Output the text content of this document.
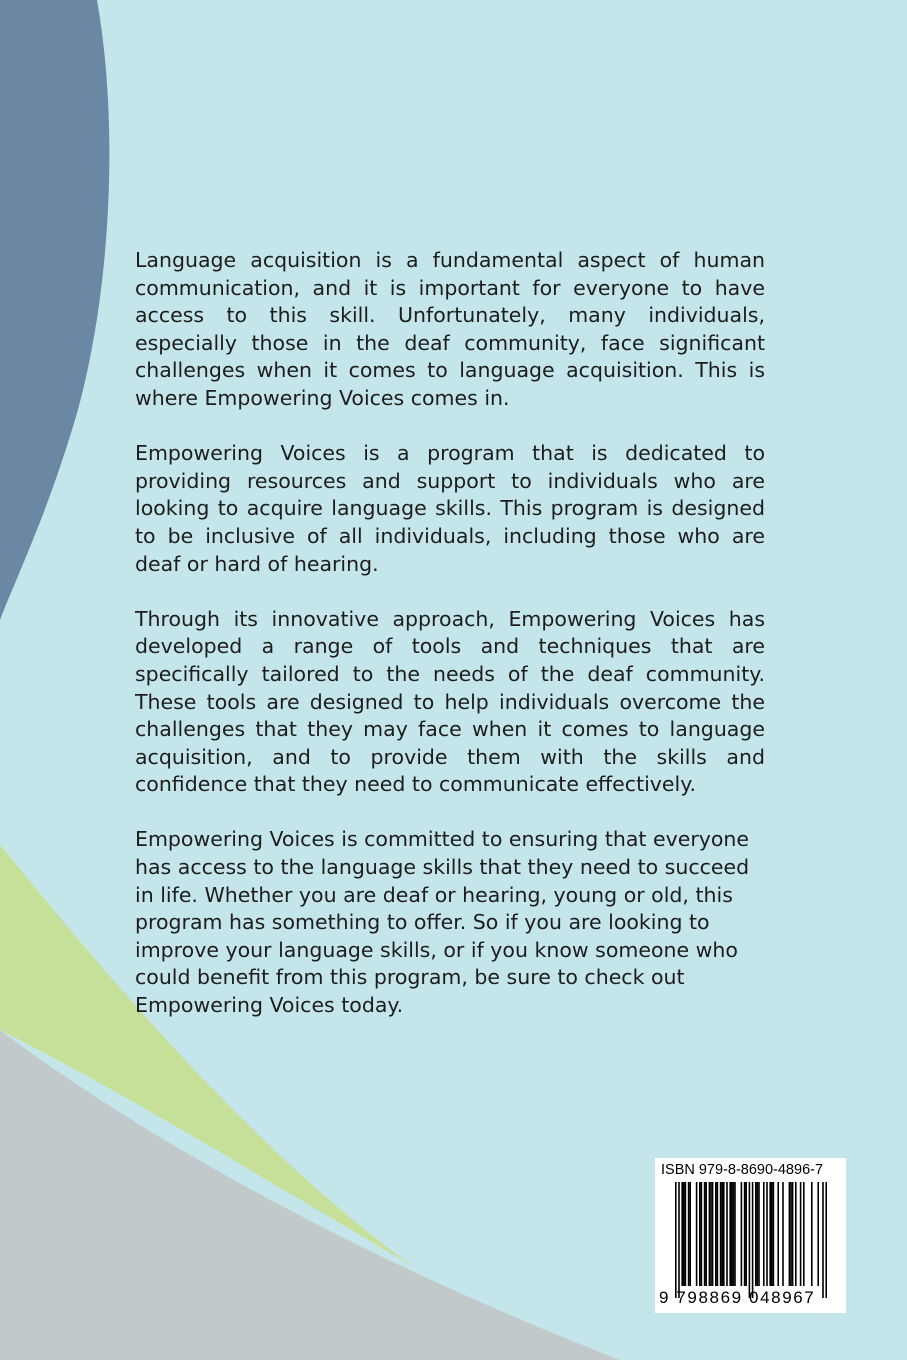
Language acquisition is a fundamental aspect of human communication, and it is important for everyone to have access to this skill. Unfortunately, many individuals, especially those in the deaf community, face significant challenges when it comes to language acquisition. This is where Empowering Voices comes in.

Empowering Voices is a program that is dedicated to providing resources and support to individuals who are looking to acquire language skills. This program is designed to be inclusive of all individuals, including those who are deaf or hard of hearing.

Through its innovative approach, Empowering Voices has developed a range of tools and techniques that are specifically tailored to the needs of the deaf community. These tools are designed to help individuals overcome the challenges that they may face when it comes to language acquisition, and to provide them with the skills and confidence that they need to communicate effectively.

Empowering Voices is committed to ensuring that everyone has access to the language skills that they need to succeed in life. Whether you are deaf or hearing, young or old, this program has something to offer. So if you are looking to improve your language skills, or if you know someone who could benefit from this program, be sure to check out Empowering Voices today.

ISBN 979-8-8690-4896-7
9 798869 048967
